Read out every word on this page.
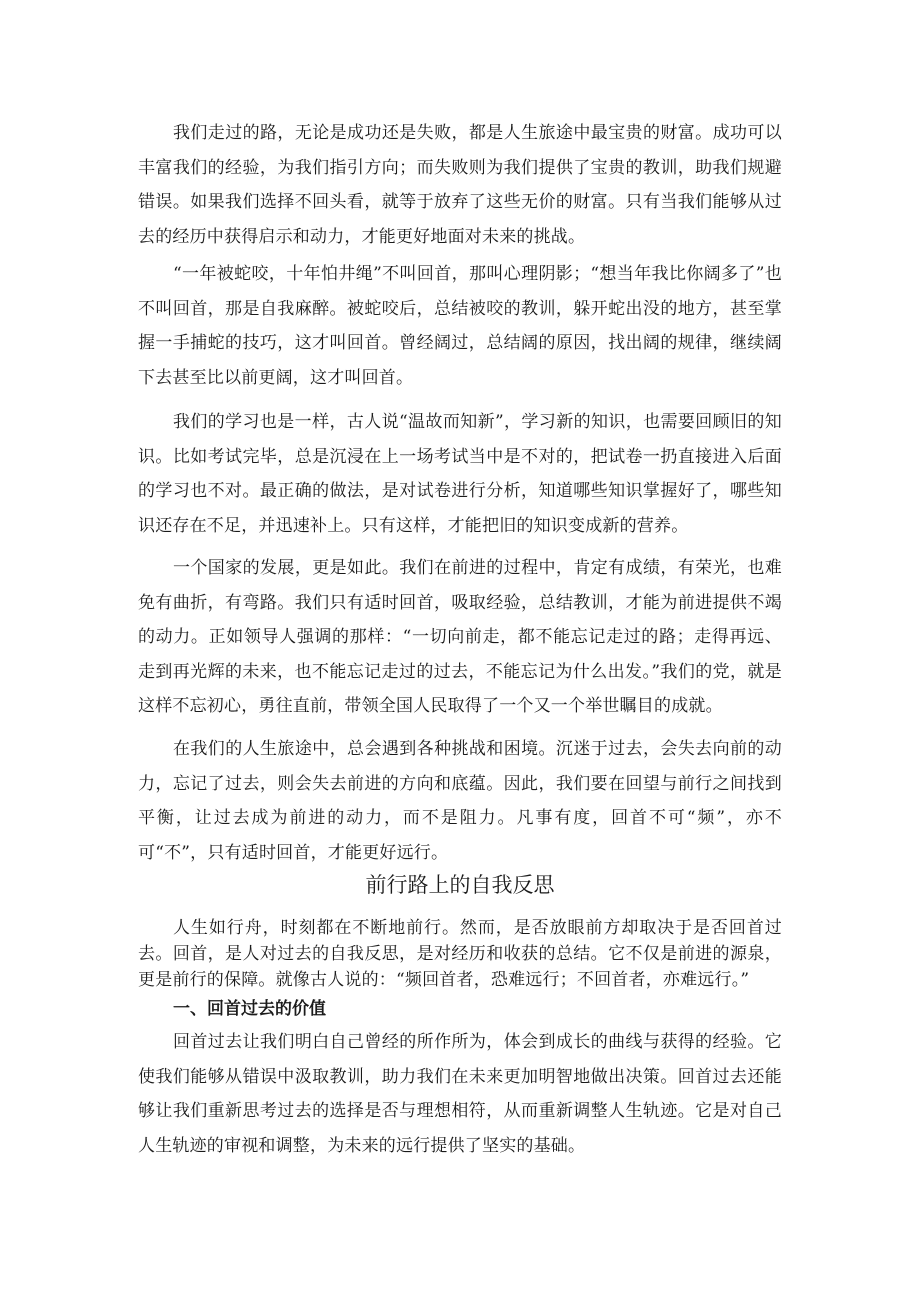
我们走过的路，无论是成功还是失败，都是人生旅途中最宝贵的财富。成功可以丰富我们的经验，为我们指引方向；而失败则为我们提供了宝贵的教训，助我们规避错误。如果我们选择不回头看，就等于放弃了这些无价的财富。只有当我们能够从过去的经历中获得启示和动力，才能更好地面对未来的挑战。

“一年被蛇咬，十年怕井绳”不叫回首，那叫心理阴影；“想当年我比你阔多了”也不叫回首，那是自我麻醉。被蛇咬后，总结被咬的教训，躲开蛇出没的地方，甚至掌握一手捕蛇的技巧，这才叫回首。曾经阔过，总结阔的原因，找出阔的规律，继续阔下去甚至比以前更阔，这才叫回首。

我们的学习也是一样，古人说“温故而知新”，学习新的知识，也需要回顾旧的知识。比如考试完毕，总是沉浸在上一场考试当中是不对的，把试卷一扔直接进入后面的学习也不对。最正确的做法，是对试卷进行分析，知道哪些知识掌握好了，哪些知识还存在不足，并迅速补上。只有这样，才能把旧的知识变成新的营养。

一个国家的发展，更是如此。我们在前进的过程中，肯定有成绩，有荣光，也难免有曲折，有弯路。我们只有适时回首，吸取经验，总结教训，才能为前进提供不竭的动力。正如领导人强调的那样：“一切向前走，都不能忘记走过的路；走得再远、走到再光辉的未来，也不能忘记走过的过去，不能忘记为什么出发。”我们的党，就是这样不忘初心，勇往直前，带领全国人民取得了一个又一个举世瞩目的成就。

在我们的人生旅途中，总会遇到各种挑战和困境。沉迷于过去，会失去向前的动力，忘记了过去，则会失去前进的方向和底蕴。因此，我们要在回望与前行之间找到平衡，让过去成为前进的动力，而不是阻力。凡事有度，回首不可“频”，亦不可“不”，只有适时回首，才能更好远行。

前行路上的自我反思

人生如行舟，时刻都在不断地前行。然而，是否放眼前方却取决于是否回首过去。回首，是人对过去的自我反思，是对经历和收获的总结。它不仅是前进的源泉，更是前行的保障。就像古人说的：“频回首者，恐难远行；不回首者，亦难远行。”

一、回首过去的价值

回首过去让我们明白自己曾经的所作所为，体会到成长的曲线与获得的经验。它使我们能够从错误中汲取教训，助力我们在未来更加明智地做出决策。回首过去还能够让我们重新思考过去的选择是否与理想相符，从而重新调整人生轨迹。它是对自己人生轨迹的审视和调整，为未来的远行提供了坚实的基础。
